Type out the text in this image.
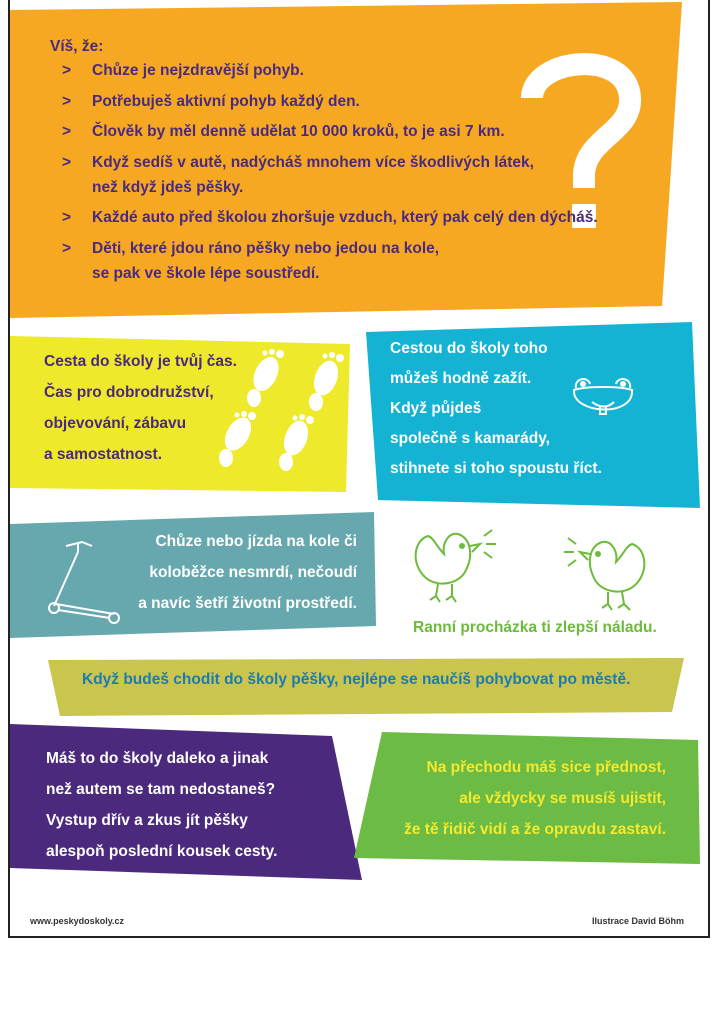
Víš, že:
> Chůze je nejzdravější pohyb.
> Potřebuješ aktivní pohyb každý den.
> Člověk by měl denně udělat 10 000 kroků, to je asi 7 km.
> Když sedíš v autě, nadýcháš mnohem více škodlivých látek,
než když jdeš pěšky.
> Každé auto před školou zhoršuje vzduch, který pak celý den dýcháš.
> Děti, které jdou ráno pěšky nebo jedou na kole,
se pak ve škole lépe soustředí.

Cesta do školy je tvůj čas.

Čas pro dobrodružství,

objevování, zábavu

a samostatnost.

Cestou do školy toho

můžeš hodně zažít.

Když půjdeš

společně s kamarády,

stihnete si toho spoustu říct.

Chůze nebo jízda na kole či

koloběžce nesmrdí, nečoudí

a navíc šetří životní prostředí.

Ranní procházka ti zlepší náladu.
Když budeš chodit do školy pěšky, nejlépe se naučíš pohybovat po městě.

Máš to do školy daleko a jinak

než autem se tam nedostaneš?

Vystup dřív a zkus jít pěšky

alespoň poslední kousek cesty.

Na přechodu máš sice přednost,

ale vždycky se musíš ujistit,

že tě řidič vidí a že opravdu zastaví.

www.peskydoskoly.cz	Ilustrace David Böhm
